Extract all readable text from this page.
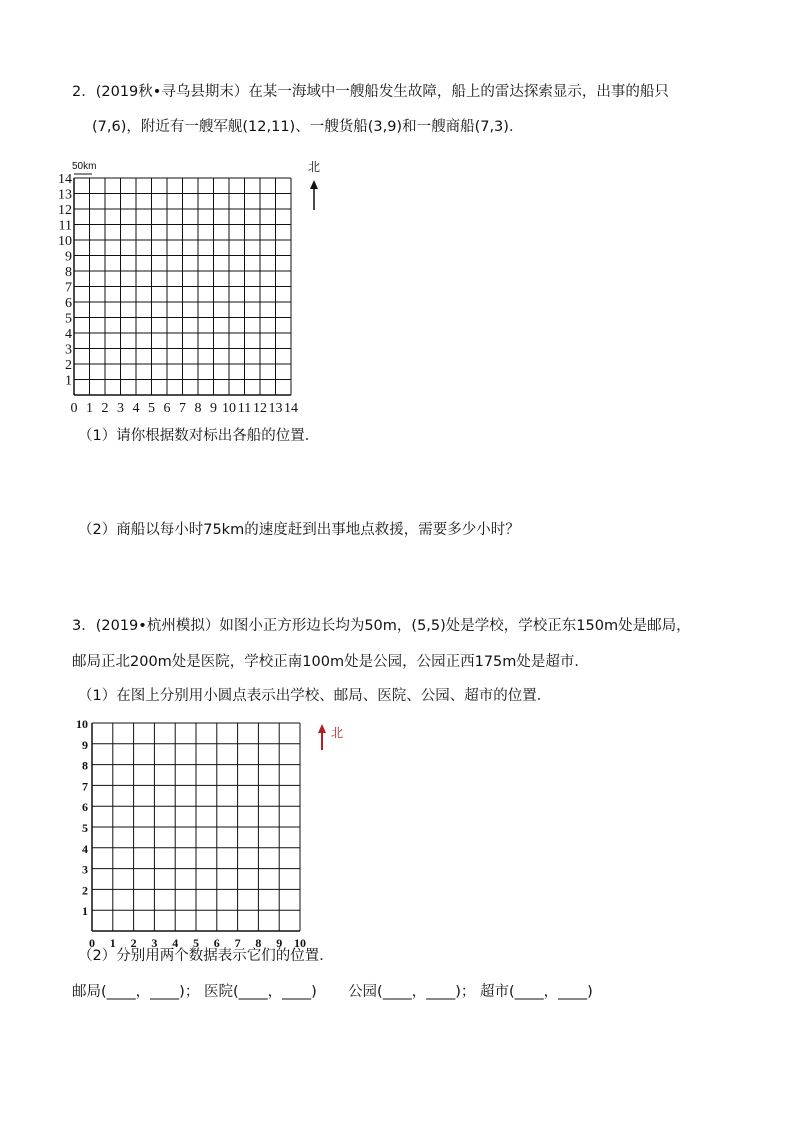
2．(2019秋•寻乌县期末）在某一海域中一艘船发生故障，船上的雷达探索显示，出事的船只
(7,6)，附近有一艘军舰(12,11)、一艘货船(3,9)和一艘商船(7,3)．
50km	北
0 1 2 3 4 5 6 7 8 9 10 11 12 13 14
1
2
3
4
5
6
7
8
9
10
11
12
13
14
（1）请你根据数对标出各船的位置．
（2）商船以每小时75km的速度赶到出事地点救援，需要多少小时？
3．(2019•杭州模拟）如图小正方形边长均为50m，(5,5)处是学校，学校正东150m处是邮局，
邮局正北200m处是医院，学校正南100m处是公园，公园正西175m处是超市．
（1）在图上分别用小圆点表示出学校、邮局、医院、公园、超市的位置．
北
0 1 2 3 4 5 6 7 8 9 10
1
2
3
4
5
6
7
8
9
10
（2）分别用两个数据表示它们的位置．
邮局(____，____)； 医院(____，____) 公园(____，____)； 超市(____，____)
